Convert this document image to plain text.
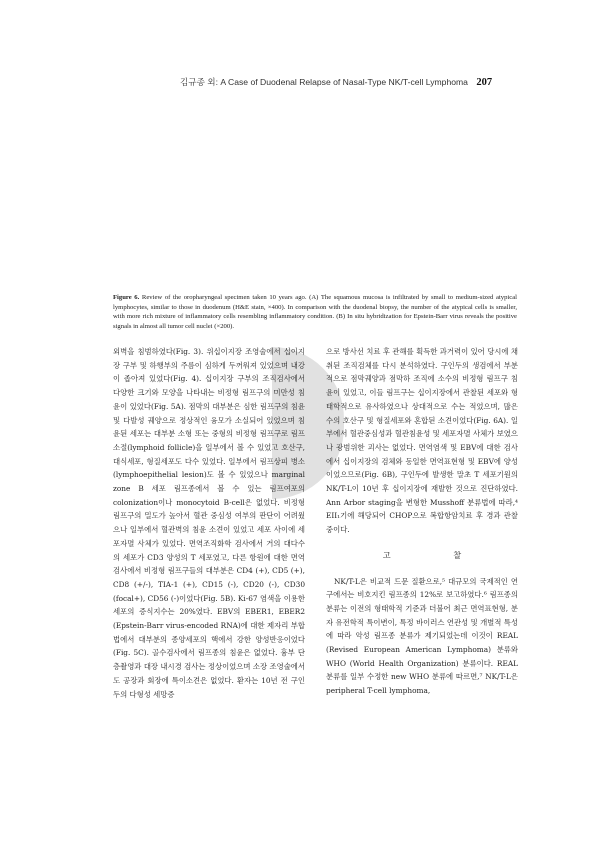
김규종 외: A Case of Duodenal Relapse of Nasal-Type NK/T-cell Lymphoma 207
Figure 6. Review of the oropharyngeal specimen taken 10 years ago. (A) The squamous mucosa is infiltrated by small to medium-sized atypical lymphocytes, similar to those in duodenum (H&E stain, ×400). In comparison with the duodenal biopsy, the number of the atypical cells is smaller, with more rich mixture of inflammatory cells resembling inflammatory condition. (B) In situ hybridization for Epstein-Barr virus reveals the positive signals in almost all tumor cell nuclei (×200).

외벽을 침범하였다(Fig. 3). 위십이지장 조영술에서 십이지장 구부 및 하행부의 주름이 심하게 두꺼워져 있었으며 내강이 좁아져 있었다(Fig. 4). 십이지장 구부의 조직검사에서 다양한 크기와 모양을 나타내는 비정형 림프구의 미만성 침윤이 있었다(Fig. 5A). 점막의 대부분은 심한 림프구의 침윤 및 다발성 궤양으로 정상적인 융모가 소실되어 있었으며 침윤된 세포는 대부분 소형 또는 중형의 비정형 림프구로 림프소절(lymphoid follicle)을 일부에서 볼 수 있었고 호산구, 대식세포, 형질세포도 다수 있었다. 일부에서 림프상피 병소(lymphoepithelial lesion)도 볼 수 있었으나 marginal zone B 세포 림프종에서 볼 수 있는 림프여포의 colonization이나 monocytoid B-cell은 없었다. 비정형 림프구의 밀도가 높아서 혈관 중심성 여부의 판단이 어려웠으나 일부에서 혈관벽의 침윤 소견이 있었고 세포 사이에 세포자멸 사체가 있었다. 면역조직화학 검사에서 거의 대다수의 세포가 CD3 양성의 T 세포였고, 다른 항원에 대한 면역검사에서 비정형 림프구들의 대부분은 CD4 (+), CD5 (+), CD8 (+/-), TIA-1 (+), CD15 (-), CD20 (-), CD30 (focal+), CD56 (-)이었다(Fig. 5B). Ki-67 염색을 이용한 세포의 증식지수는 20%였다. EBV의 EBER1, EBER2 (Epstein-Barr virus-encoded RNA)에 대한 제자리 부합법에서 대부분의 종양세포의 핵에서 강한 양성반응이었다(Fig. 5C). 골수검사에서 림프종의 침윤은 없었다. 흉부 단층촬영과 대장 내시경 검사는 정상이었으며 소장 조영술에서도 공장과 회장에 특이소견은 없었다. 환자는 10년 전 구인두의 다형성 세망증

으로 방사선 치료 후 관해를 획득한 과거력이 있어 당시에 채취된 조직검체를 다시 분석하였다. 구인두의 생검에서 부분적으로 점막궤양과 점막하 조직에 소수의 비정형 림프구 침윤이 있었고, 이들 림프구는 십이지장에서 관찰된 세포와 형태학적으로 유사하였으나 상대적으로 수는 적었으며, 많은 수의 호산구 및 형질세포와 혼합된 소견이었다(Fig. 6A). 일부에서 혈관중심성과 혈관침윤성 및 세포자멸 사체가 보였으나 광범위한 괴사는 없었다. 면역염색 및 EBV에 대한 검사에서 십이지장의 검체와 동일한 면역표현형 및 EBV에 양성이었으므로(Fig. 6B), 구인두에 발생한 말초 T 세포기원의 NK/T-L이 10년 후 십이지장에 재발한 것으로 진단하였다. Ann Arbor staging을 변형한 Musshoff 분류법에 따라,⁴ EII₁기에 해당되어 CHOP으로 복합항암치료 후 경과 관찰 중이다.

고 찰

NK/T-L은 비교적 드문 질환으로,⁵ 대규모의 국제적인 연구에서는 비호지킨 림프종의 12%로 보고하였다.⁶ 림프종의 분류는 이전의 형태학적 기준과 더불어 최근 면역표현형, 분자 유전학적 특이변이, 특정 바이러스 연관성 및 개별적 특성에 따라 악성 림프종 분류가 제기되었는데 이것이 REAL (Revised European American Lymphoma) 분류와 WHO (World Health Organization) 분류이다. REAL 분류를 일부 수정한 new WHO 분류에 따르면,⁷ NK/T-L은 peripheral T-cell lymphoma,
